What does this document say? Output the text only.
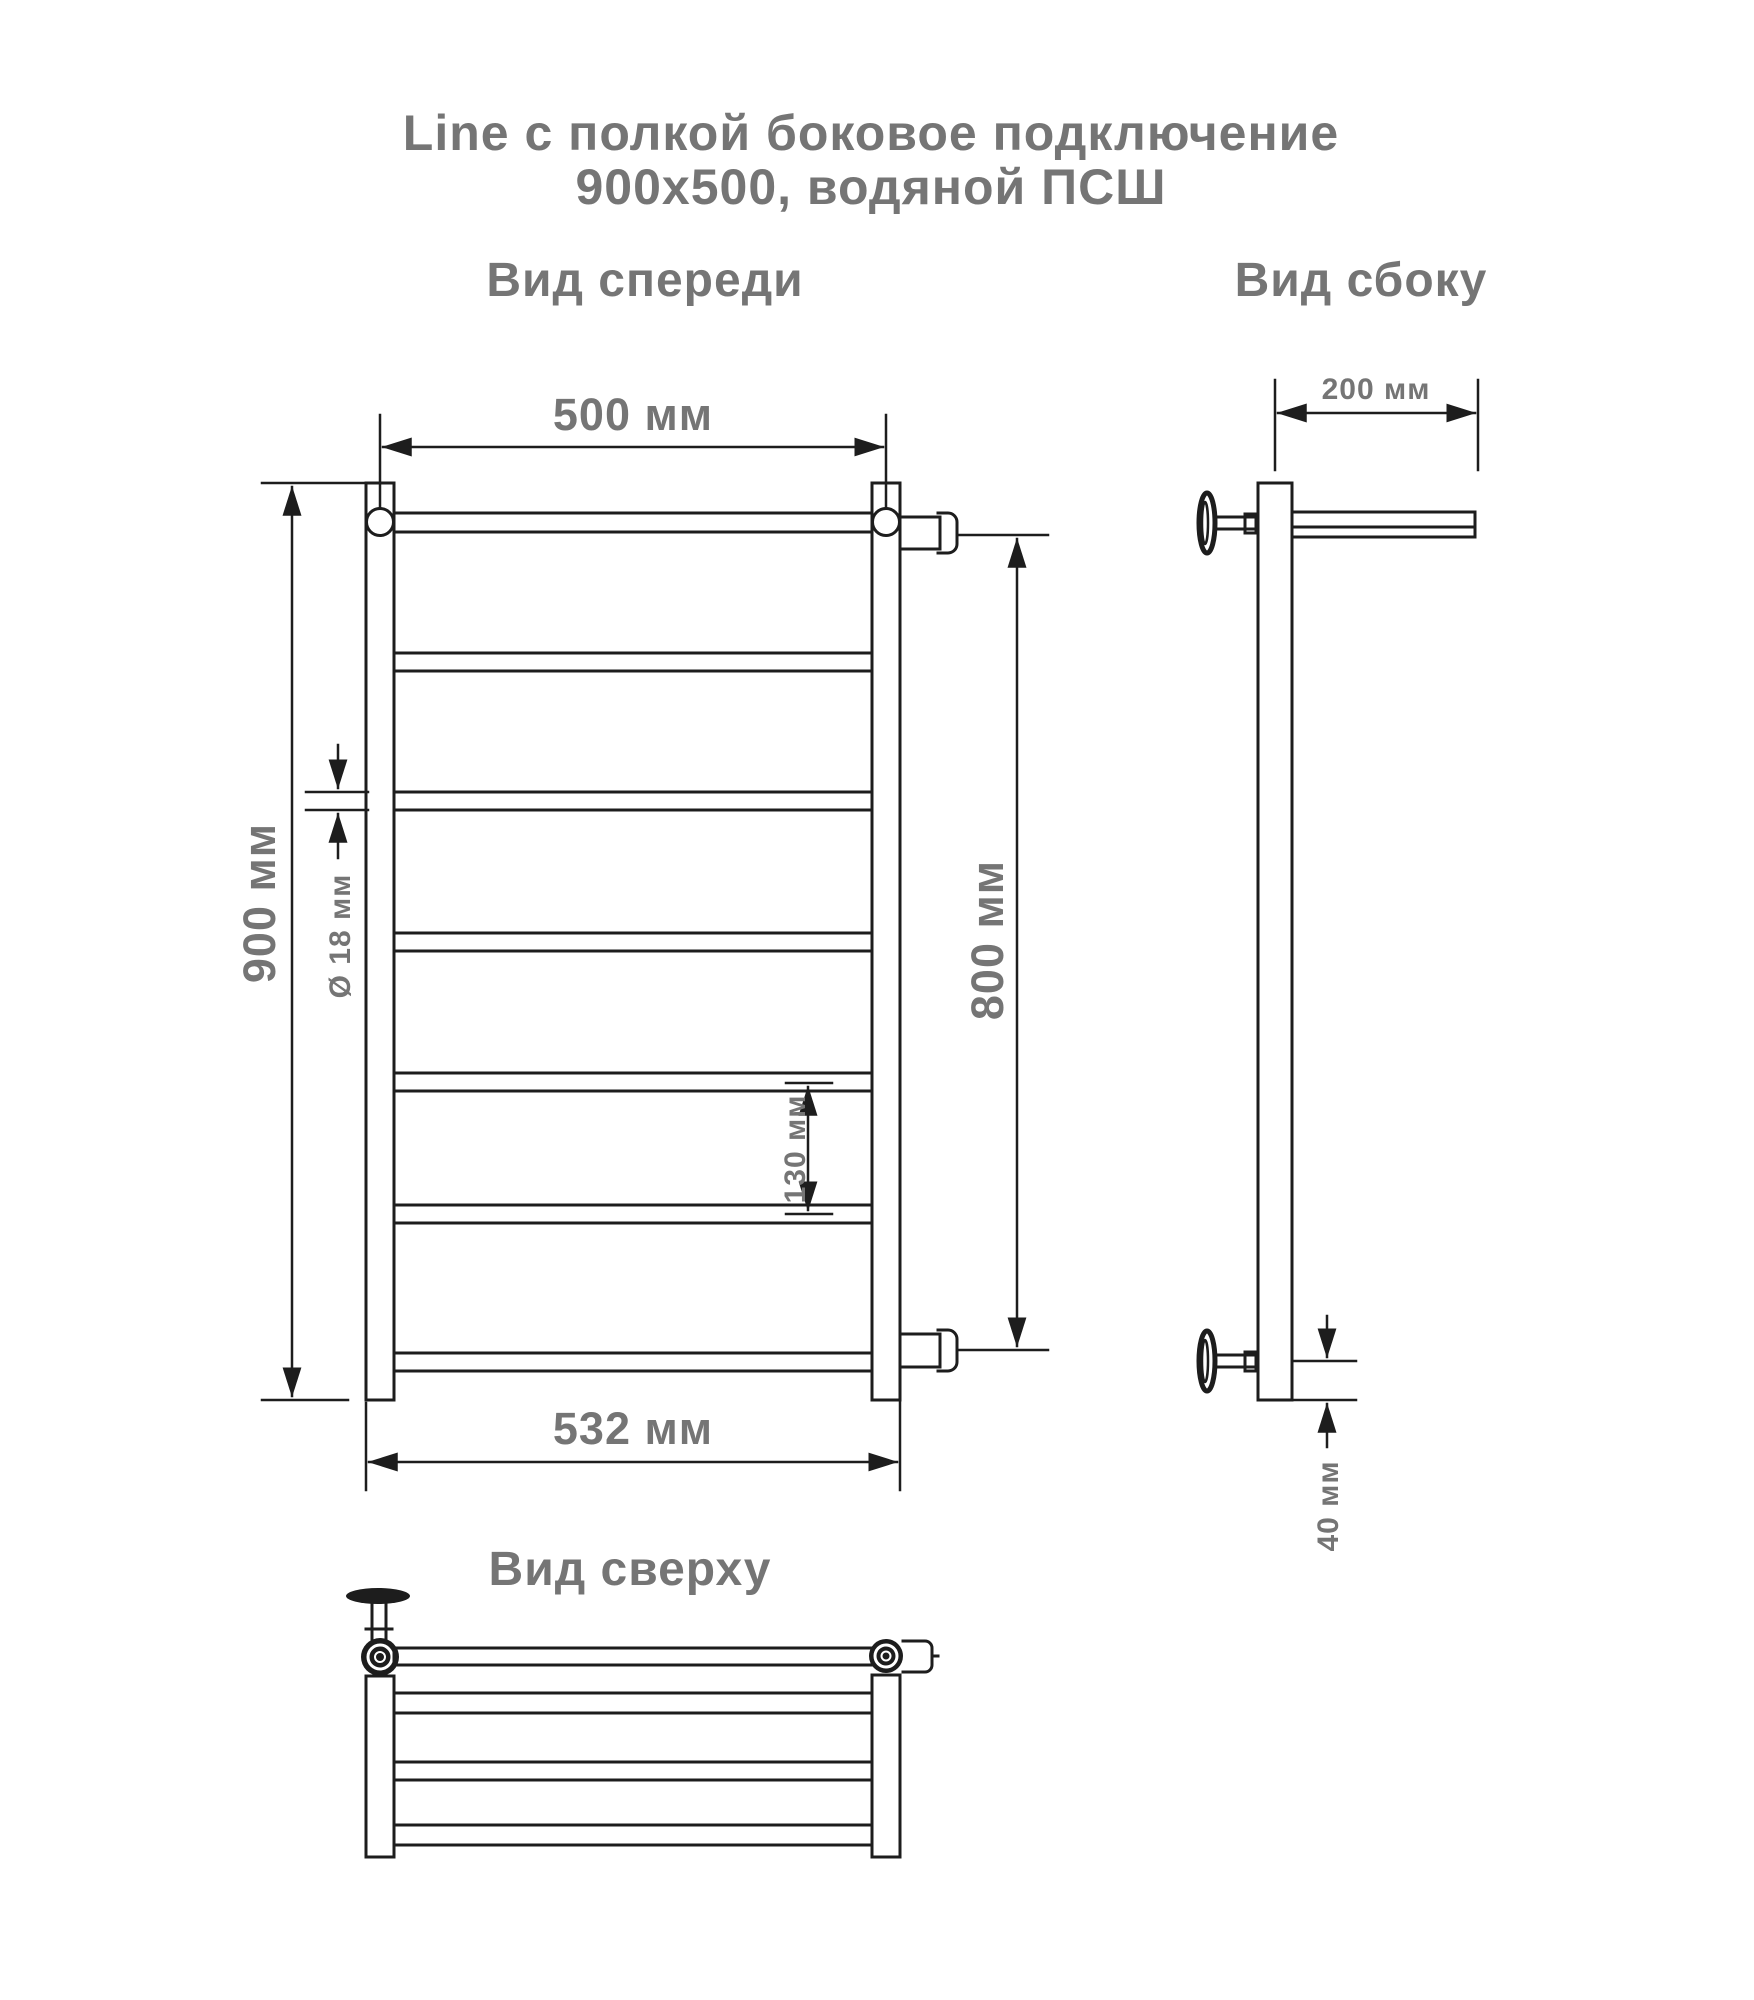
Line с полкой боковое подключение
900x500, водяной ПСШ
Вид спереди
500 мм
900 мм	800 мм
Ø 18 мм
130 мм
532 мм
Вид сбоку
200 мм
40 мм
Вид сверху
